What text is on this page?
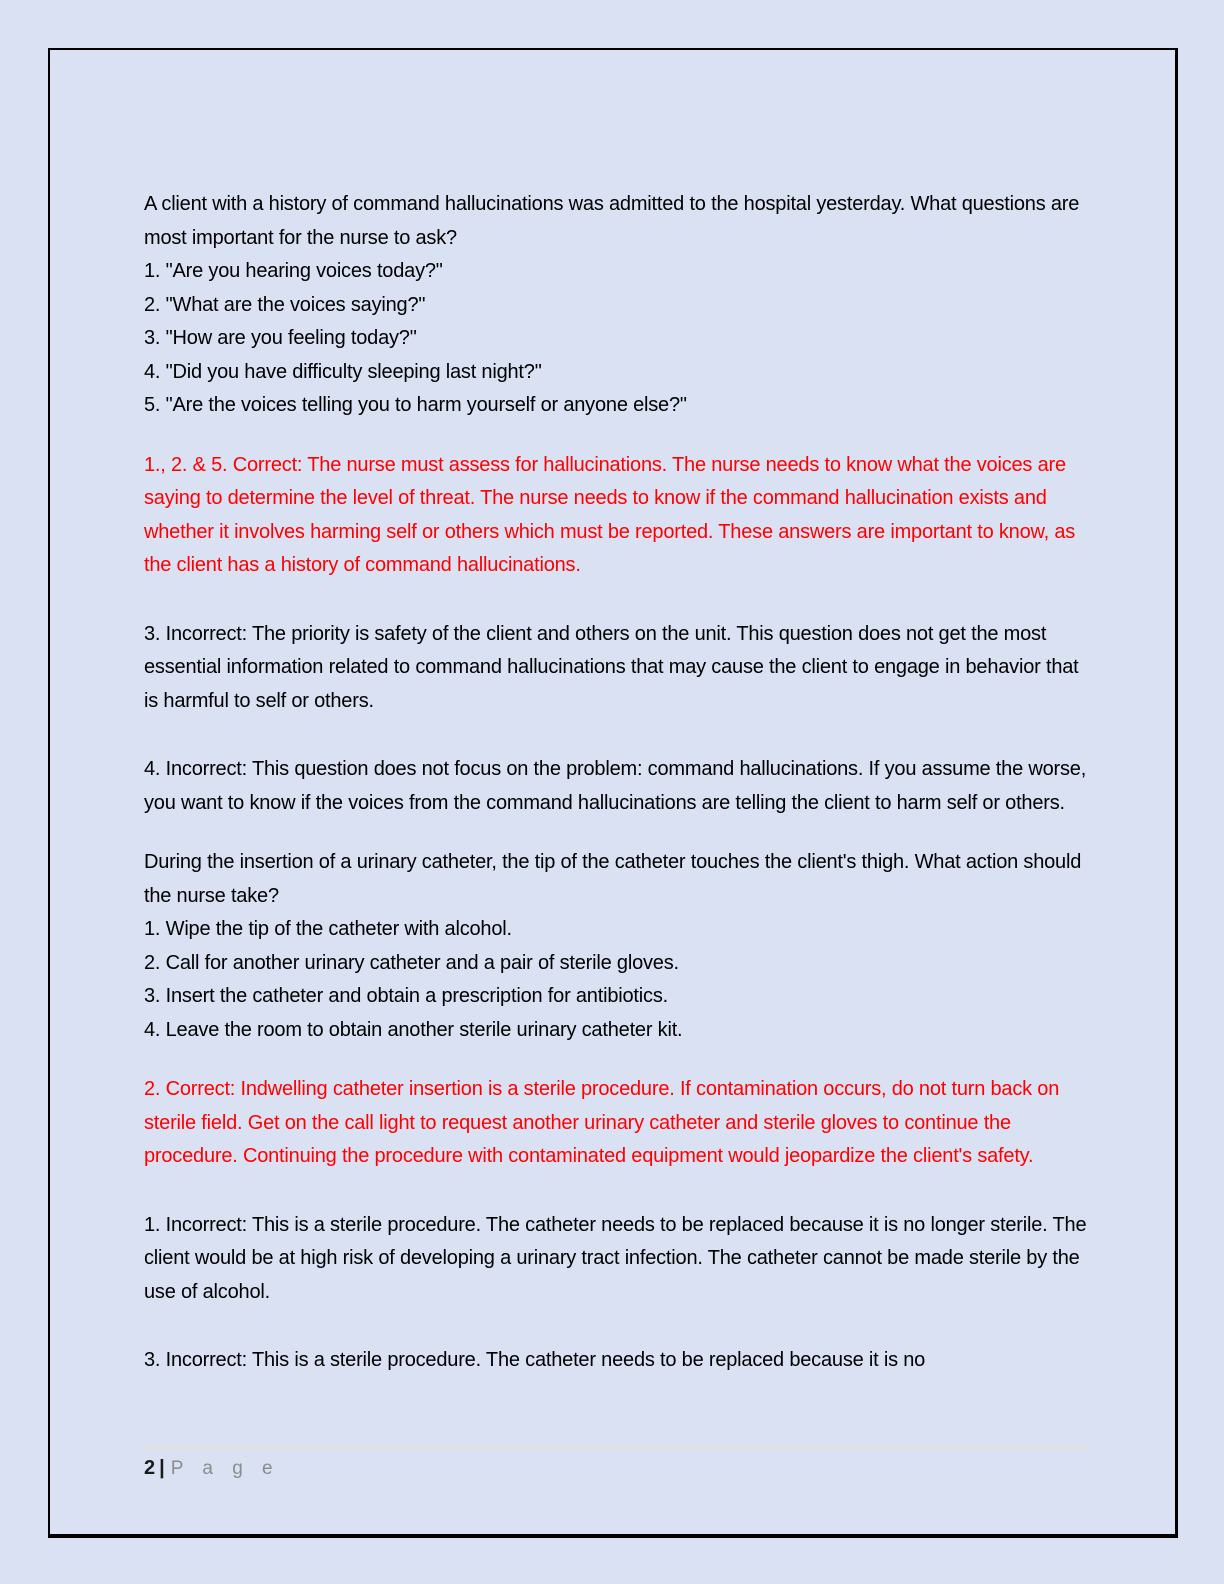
A client with a history of command hallucinations was admitted to the hospital yesterday. What questions are most important for the nurse to ask?

1. "Are you hearing voices today?"

2. "What are the voices saying?"

3. "How are you feeling today?"

4. "Did you have difficulty sleeping last night?"

5. "Are the voices telling you to harm yourself or anyone else?"

1., 2. & 5. Correct: The nurse must assess for hallucinations. The nurse needs to know what the voices are saying to determine the level of threat. The nurse needs to know if the command hallucination exists and whether it involves harming self or others which must be reported. These answers are important to know, as the client has a history of command hallucinations.

3. Incorrect: The priority is safety of the client and others on the unit. This question does not get the most essential information related to command hallucinations that may cause the client to engage in behavior that is harmful to self or others.

4. Incorrect: This question does not focus on the problem: command hallucinations. If you assume the worse, you want to know if the voices from the command hallucinations are telling the client to harm self or others.

During the insertion of a urinary catheter, the tip of the catheter touches the client's thigh. What action should the nurse take?

1. Wipe the tip of the catheter with alcohol.

2. Call for another urinary catheter and a pair of sterile gloves.

3. Insert the catheter and obtain a prescription for antibiotics.

4. Leave the room to obtain another sterile urinary catheter kit.

2. Correct: Indwelling catheter insertion is a sterile procedure. If contamination occurs, do not turn back on sterile field. Get on the call light to request another urinary catheter and sterile gloves to continue the procedure. Continuing the procedure with contaminated equipment would jeopardize the client's safety.

1. Incorrect: This is a sterile procedure. The catheter needs to be replaced because it is no longer sterile. The client would be at high risk of developing a urinary tract infection. The catheter cannot be made sterile by the use of alcohol.

3. Incorrect: This is a sterile procedure. The catheter needs to be replaced because it is no

2 | P a g e
